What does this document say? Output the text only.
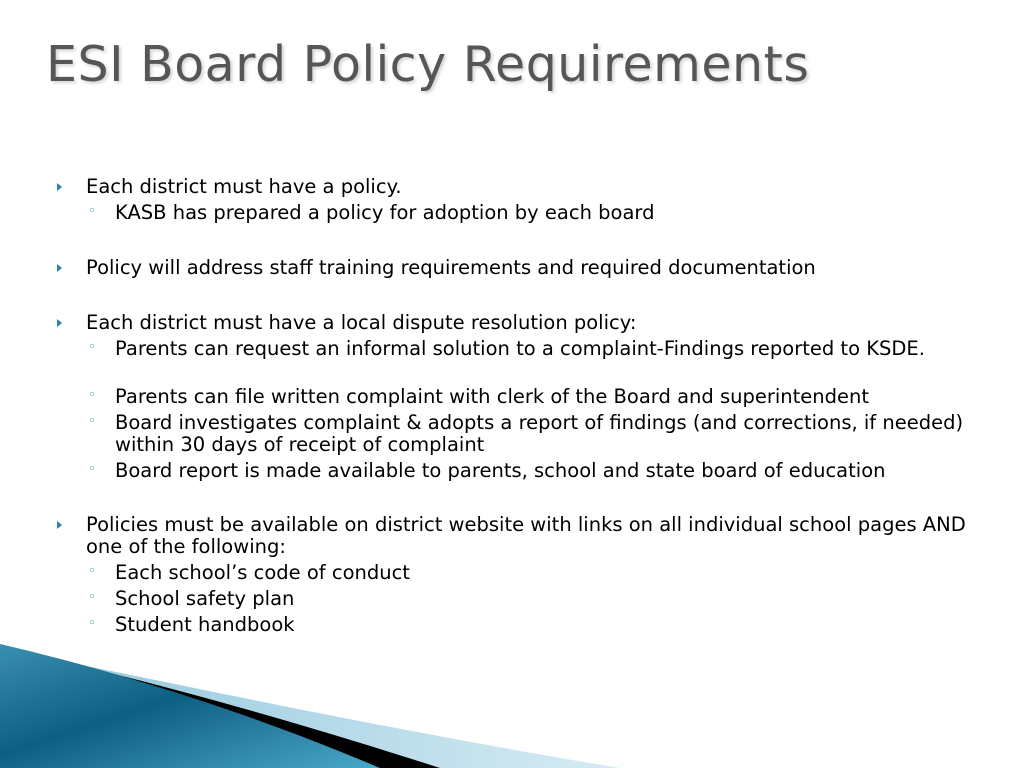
ESI Board Policy Requirements
Each district must have a policy.
◦ KASB has prepared a policy for adoption by each board
Policy will address staff training requirements and required documentation
Each district must have a local dispute resolution policy:
◦ Parents can request an informal solution to a complaint-Findings reported to KSDE.
◦ Parents can file written complaint with clerk of the Board and superintendent
◦ Board investigates complaint & adopts a report of findings (and corrections, if needed) within 30 days of receipt of complaint
◦ Board report is made available to parents, school and state board of education
Policies must be available on district website with links on all individual school pages AND one of the following:
◦ Each school’s code of conduct
◦ School safety plan
◦ Student handbook
